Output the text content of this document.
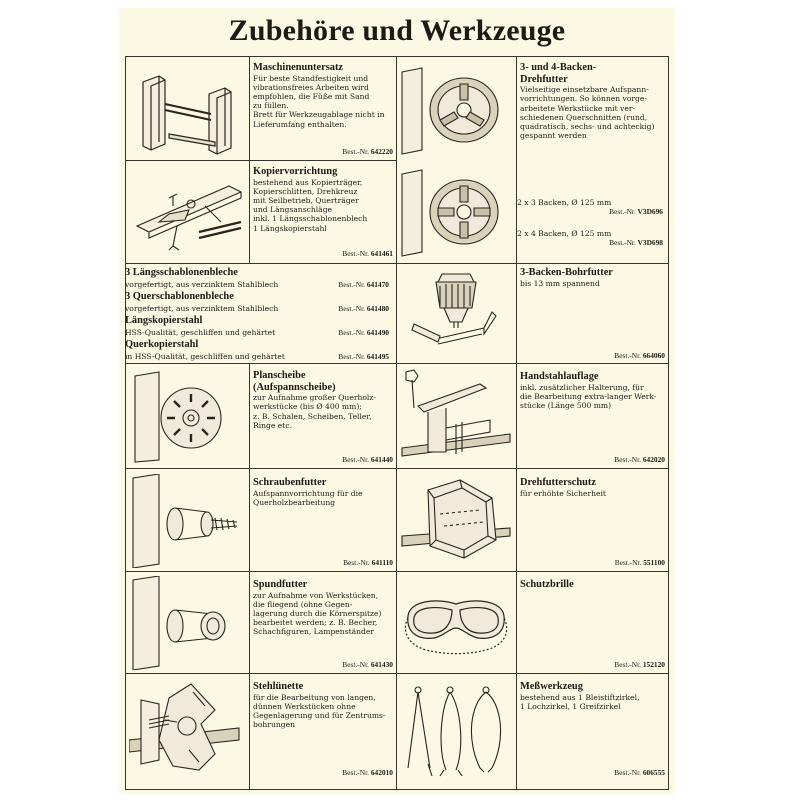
Zubehöre und Werkzeuge
Maschinenuntersatz
Für beste Standfestigkeit und
vibrationsfreies Arbeiten wird
empfohlen, die Füße mit Sand
zu füllen.
Brett für Werkzeugablage nicht in
Lieferumfang enthalten.
Best.-Nr. 642220
Kopiervorrichtung
bestehend aus Kopierträger,
Kopierschlitten, Drehkreuz
mit Seilbetrieb, Querträger
und Längsanschläge
inkl. 1 Längsschablonenblech
1 Längskopierstahl
Best.-Nr. 641461
3 Längsschablonenbleche
vorgefertigt, aus verzinktem Stahlblech	Best.-Nr. 641470
3 Querschablonenbleche
vorgefertigt, aus verzinktem Stahlblech	Best.-Nr. 641480
Längskopierstahl
HSS-Qualität, geschliffen und gehärtet	Best.-Nr. 641490
Querkopierstahl
in HSS-Qualität, geschliffen und gehärtet	Best.-Nr. 641495
Planscheibe
(Aufspannscheibe)
zur Aufnahme großer Querholz-
werkstücke (bis Ø 400 mm);
z. B. Schalen, Scheiben, Teller,
Ringe etc.
Best.-Nr. 641440
Schraubenfutter
Aufspannvorrichtung für die
Querholzbearbeitung
Best.-Nr. 641110
Spundfutter
zur Aufnahme von Werkstücken,
die fliegend (ohne Gegen-
lagerung durch die Körnerspitze)
bearbeitet werden; z. B. Becher,
Schachfiguren, Lampenständer
Best.-Nr. 641430
Stehlünette
für die Bearbeitung von langen,
dünnen Werkstücken ohne
Gegenlagerung und für Zentrums-
bohrungen
Best.-Nr. 642010
3- und 4-Backen-
Drehfutter
Vielseitige einsetzbare Aufspann-
vorrichtungen. So können vorge-
arbeitete Werkstücke mit ver-
schiedenen Querschnitten (rund,
quadratisch, sechs- und achteckig)
gespannt werden
2 x 3 Backen, Ø 125 mm
Best.-Nr. V3D696
2 x 4 Backen, Ø 125 mm
Best.-Nr. V3D698
3-Backen-Bohrfutter
bis 13 mm spannend
Best.-Nr. 664060
Handstahlauflage
inkl. zusätzlicher Halterung, für
die Bearbeitung extra-langer Werk-
stücke (Länge 500 mm)
Best.-Nr. 642020
Drehfutterschutz
für erhöhte Sicherheit
Best.-Nr. 551100
Schutzbrille
Best.-Nr. 152120
Meßwerkzeug
bestehend aus 1 Bleistiftzirkel,
1 Lochzirkel, 1 Greifzirkel
Best.-Nr. 606555
